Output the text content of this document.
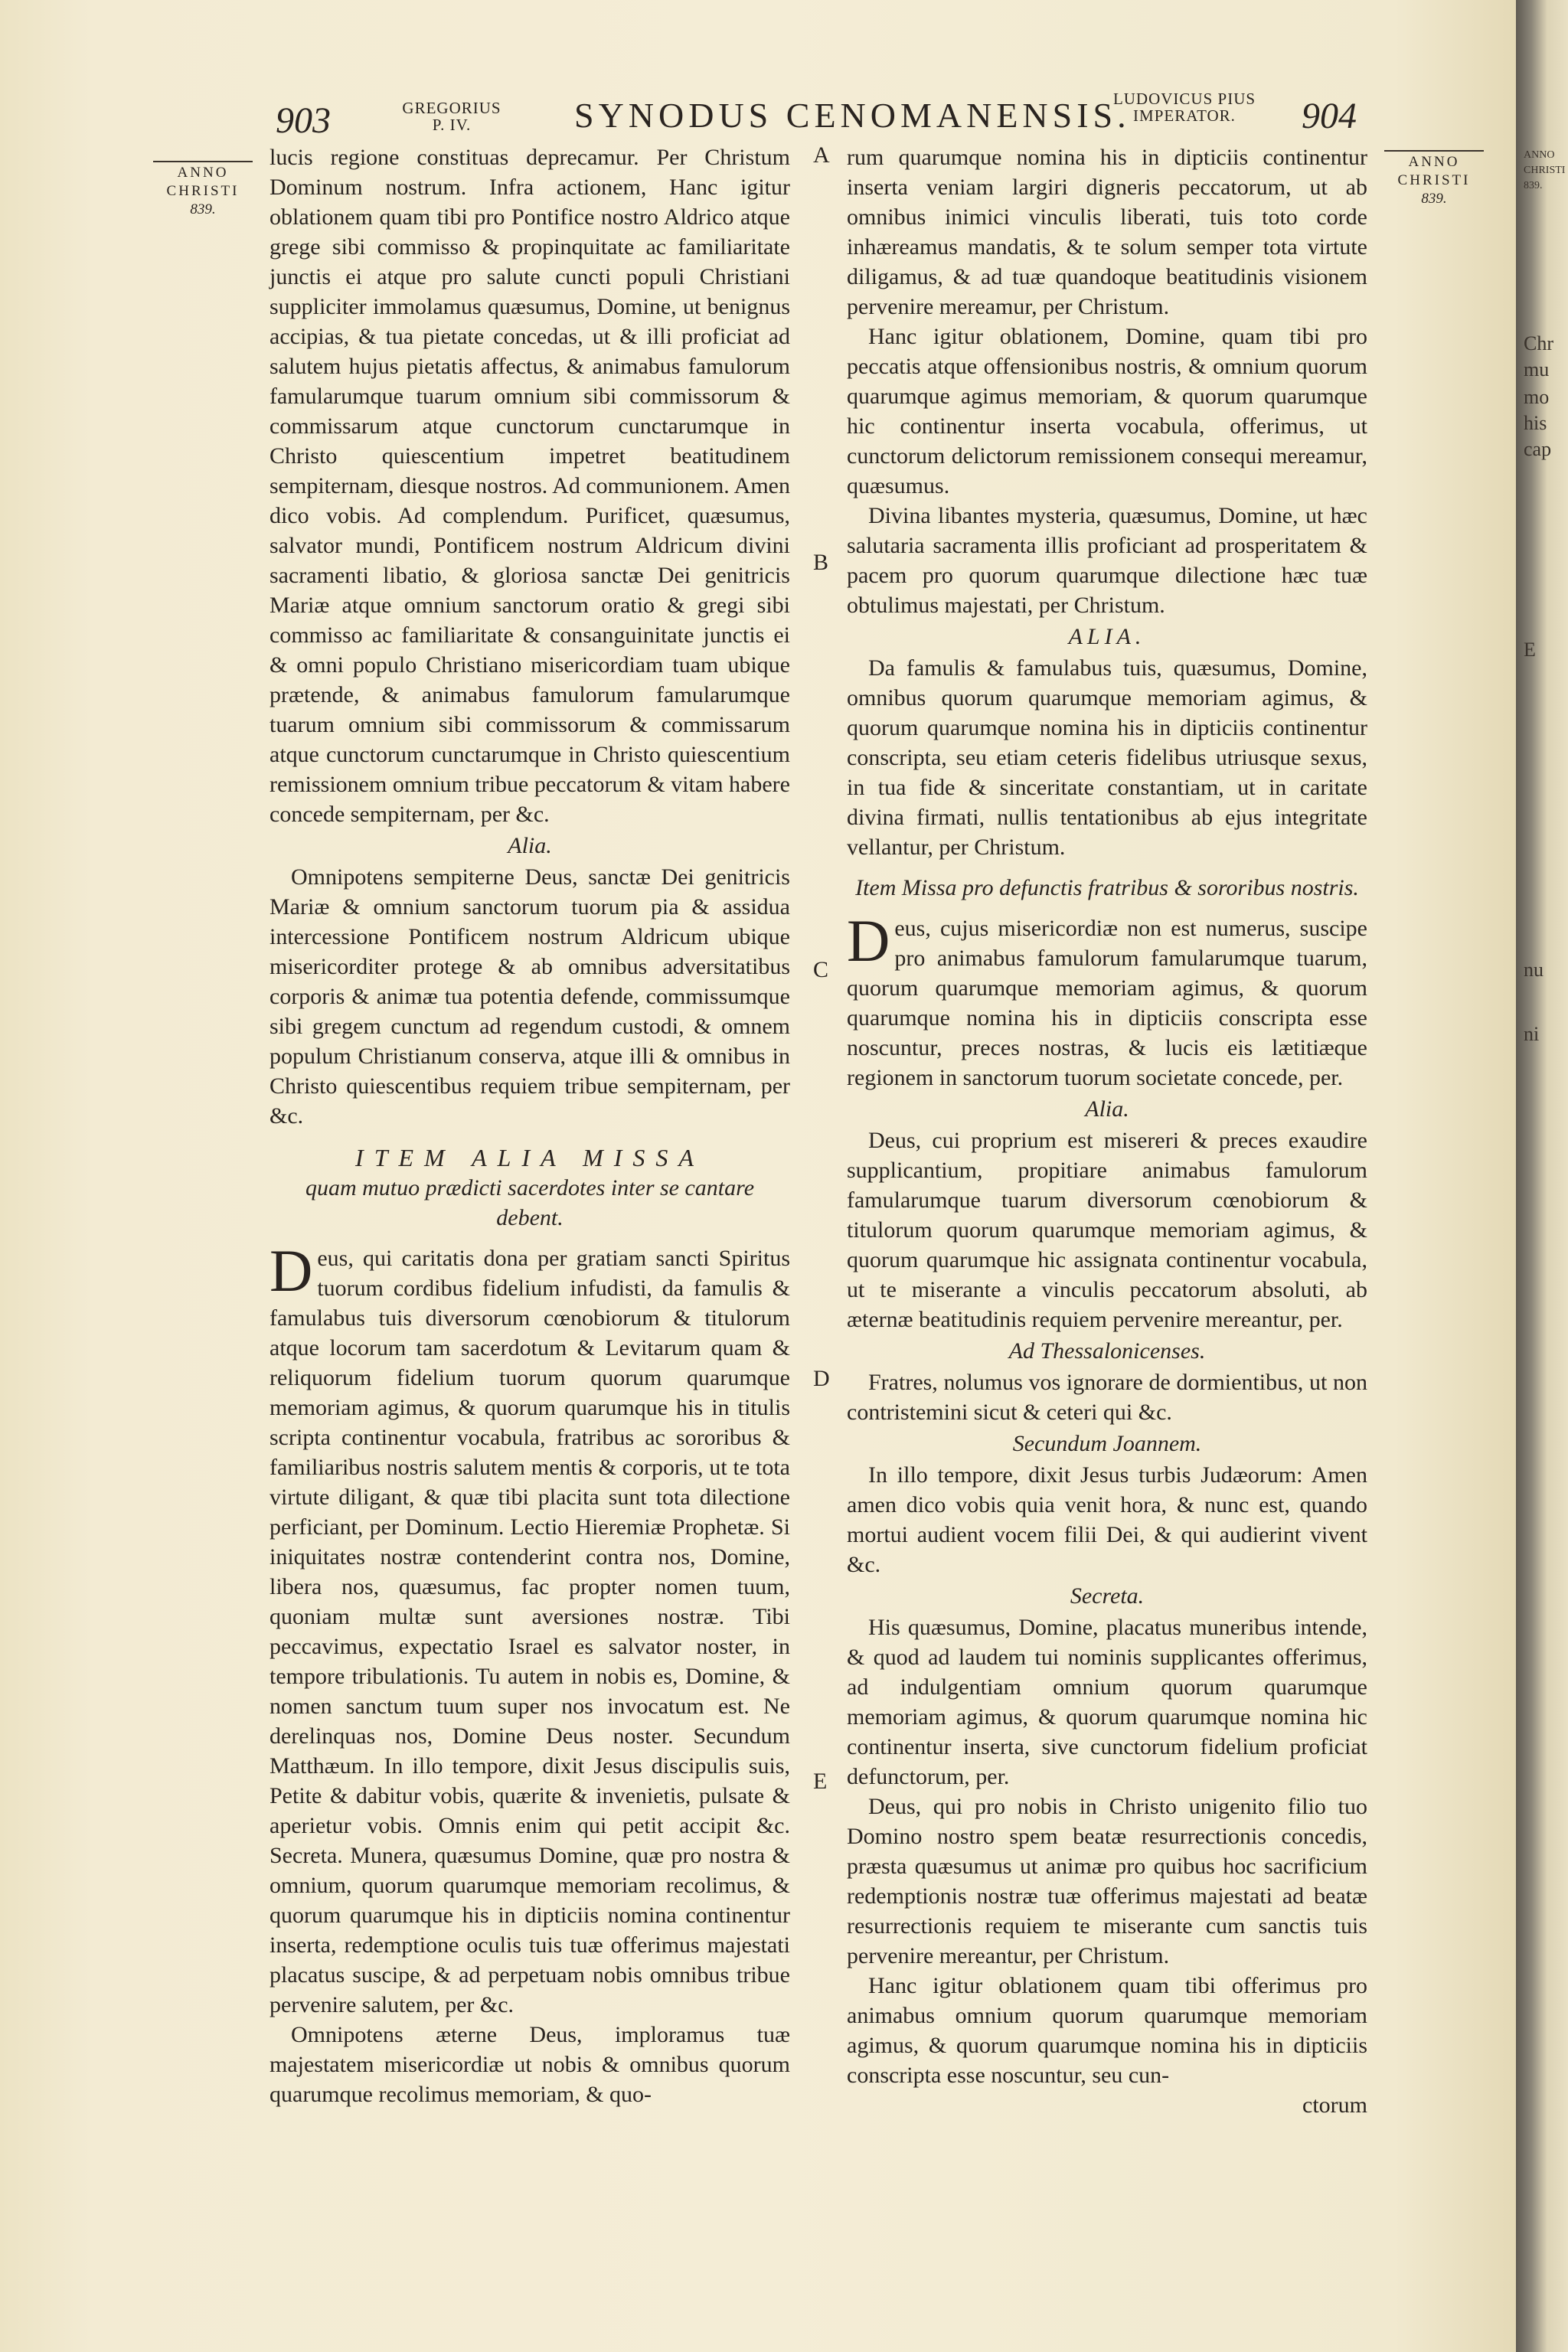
903	GREGORIUS P. IV.	SYNODUS CENOMANENSIS.
LUDOVICUS PIUS IMPERATOR.	904
ANNO
CHRISTI
839.
ANNO
CHRISTI
839.
A
B
C
D
E

lucis regione constituas deprecamur. Per Christum Dominum nostrum. Infra actionem, Hanc igitur oblationem quam tibi pro Pontifice nostro Aldrico atque grege sibi commisso & propinquitate ac familiaritate junctis ei atque pro salute cuncti populi Christiani suppliciter immolamus quæsumus, Domine, ut benignus accipias, & tua pietate concedas, ut & illi proficiat ad salutem hujus pietatis affectus, & animabus famulorum famularumque tuarum omnium sibi commissorum & commissarum atque cunctorum cunctarumque in Christo quiescentium impetret beatitudinem sempiternam, diesque nostros. Ad communionem. Amen dico vobis. Ad complendum. Purificet, quæsumus, salvator mundi, Pontificem nostrum Aldricum divini sacramenti libatio, & gloriosa sanctæ Dei genitricis Mariæ atque omnium sanctorum oratio & gregi sibi commisso ac familiaritate & consanguinitate junctis ei & omni populo Christiano misericordiam tuam ubique prætende, & animabus famulorum famularumque tuarum omnium sibi commissorum & commissarum atque cunctorum cunctarumque in Christo quiescentium remissionem omnium tribue peccatorum & vitam habere concede sempiternam, per &c.

Alia.

Omnipotens sempiterne Deus, sanctæ Dei genitricis Mariæ & omnium sanctorum tuorum pia & assidua intercessione Pontificem nostrum Aldricum ubique misericorditer protege & ab omnibus adversitatibus corporis & animæ tua potentia defende, commissumque sibi gregem cunctum ad regendum custodi, & omnem populum Christianum conserva, atque illi & omnibus in Christo quiescentibus requiem tribue sempiternam, per &c.

ITEM ALIA MISSA

quam mutuo prædicti sacerdotes inter se cantare debent.

Deus, qui caritatis dona per gratiam sancti Spiritus tuorum cordibus fidelium infudisti, da famulis & famulabus tuis diversorum cœnobiorum & titulorum atque locorum tam sacerdotum & Levitarum quam & reliquorum fidelium tuorum quorum quarumque memoriam agimus, & quorum quarumque his in titulis scripta continentur vocabula, fratribus ac sororibus & familiaribus nostris salutem mentis & corporis, ut te tota virtute diligant, & quæ tibi placita sunt tota dilectione perficiant, per Dominum. Lectio Hieremiæ Prophetæ. Si iniquitates nostræ contenderint contra nos, Domine, libera nos, quæsumus, fac propter nomen tuum, quoniam multæ sunt aversiones nostræ. Tibi peccavimus, expectatio Israel es salvator noster, in tempore tribulationis. Tu autem in nobis es, Domine, & nomen sanctum tuum super nos invocatum est. Ne derelinquas nos, Domine Deus noster. Secundum Matthæum. In illo tempore, dixit Jesus discipulis suis, Petite & dabitur vobis, quærite & invenietis, pulsate & aperietur vobis. Omnis enim qui petit accipit &c. Secreta. Munera, quæsumus Domine, quæ pro nostra & omnium, quorum quarumque memoriam recolimus, & quorum quarumque his in dipticiis nomina continentur inserta, redemptione oculis tuis tuæ offerimus majestati placatus suscipe, & ad perpetuam nobis omnibus tribue pervenire salutem, per &c.

Omnipotens æterne Deus, imploramus tuæ majestatem misericordiæ ut nobis & omnibus quorum quarumque recolimus memoriam, & quo-

rum quarumque nomina his in dipticiis continentur inserta veniam largiri digneris peccatorum, ut ab omnibus inimici vinculis liberati, tuis toto corde inhæreamus mandatis, & te solum semper tota virtute diligamus, & ad tuæ quandoque beatitudinis visionem pervenire mereamur, per Christum.

Hanc igitur oblationem, Domine, quam tibi pro peccatis atque offensionibus nostris, & omnium quorum quarumque agimus memoriam, & quorum quarumque hic continentur inserta vocabula, offerimus, ut cunctorum delictorum remissionem consequi mereamur, quæsumus.

Divina libantes mysteria, quæsumus, Domine, ut hæc salutaria sacramenta illis proficiant ad prosperitatem & pacem pro quorum quarumque dilectione hæc tuæ obtulimus majestati, per Christum.

ALIA.

Da famulis & famulabus tuis, quæsumus, Domine, omnibus quorum quarumque memoriam agimus, & quorum quarumque nomina his in dipticiis continentur conscripta, seu etiam ceteris fidelibus utriusque sexus, in tua fide & sinceritate constantiam, ut in caritate divina firmati, nullis tentationibus ab ejus integritate vellantur, per Christum.

Item Missa pro defunctis fratribus & sororibus nostris.

Deus, cujus misericordiæ non est numerus, suscipe pro animabus famulorum famularumque tuarum, quorum quarumque memoriam agimus, & quorum quarumque nomina his in dipticiis conscripta esse noscuntur, preces nostras, & lucis eis lætitiæque regionem in sanctorum tuorum societate concede, per.

Alia.

Deus, cui proprium est misereri & preces exaudire supplicantium, propitiare animabus famulorum famularumque tuarum diversorum cœnobiorum & titulorum quorum quarumque memoriam agimus, & quorum quarumque hic assignata continentur vocabula, ut te miserante a vinculis peccatorum absoluti, ab æternæ beatitudinis requiem pervenire mereantur, per.

Ad Thessalonicenses.

Fratres, nolumus vos ignorare de dormientibus, ut non contristemini sicut & ceteri qui &c.

Secundum Joannem.

In illo tempore, dixit Jesus turbis Judæorum: Amen amen dico vobis quia venit hora, & nunc est, quando mortui audient vocem filii Dei, & qui audierint vivent &c.

Secreta.

His quæsumus, Domine, placatus muneribus intende, & quod ad laudem tui nominis supplicantes offerimus, ad indulgentiam omnium quorum quarumque memoriam agimus, & quorum quarumque nomina hic continentur inserta, sive cunctorum fidelium proficiat defunctorum, per.

Deus, qui pro nobis in Christo unigenito filio tuo Domino nostro spem beatæ resurrectionis concedis, præsta quæsumus ut animæ pro quibus hoc sacrificium redemptionis nostræ tuæ offerimus majestati ad beatæ resurrectionis requiem te miserante cum sanctis tuis pervenire mereantur, per Christum.

Hanc igitur oblationem quam tibi offerimus pro animabus omnium quorum quarumque memoriam agimus, & quorum quarumque nomina his in dipticiis conscripta esse noscuntur, seu cun-

ctorum

ANNO
CHRISTI
839.
Chr
mu
mo
his
cap
E
nu
ni
